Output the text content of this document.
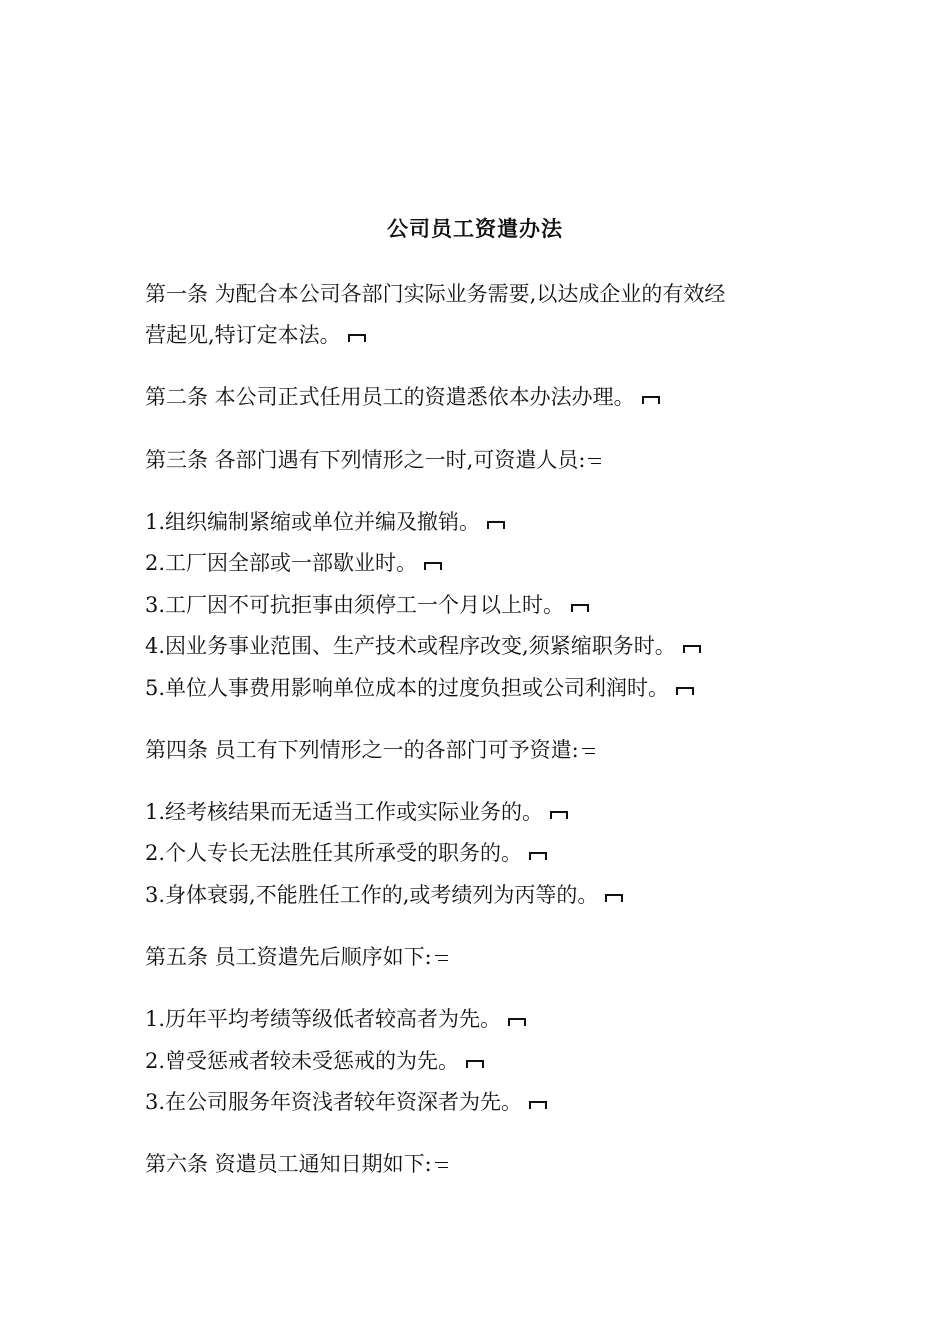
公司员工资遣办法
第一条 为配合本公司各部门实际业务需要,以达成企业的有效经
营起见,特订定本法。
第二条 本公司正式任用员工的资遣悉依本办法办理。
第三条 各部门遇有下列情形之一时,可资遣人员:
1.组织编制紧缩或单位并编及撤销。
2.工厂因全部或一部歇业时。
3.工厂因不可抗拒事由须停工一个月以上时。
4.因业务事业范围、生产技术或程序改变,须紧缩职务时。
5.单位人事费用影响单位成本的过度负担或公司利润时。
第四条 员工有下列情形之一的各部门可予资遣:
1.经考核结果而无适当工作或实际业务的。
2.个人专长无法胜任其所承受的职务的。
3.身体衰弱,不能胜任工作的,或考绩列为丙等的。
第五条 员工资遣先后顺序如下:
1.历年平均考绩等级低者较高者为先。
2.曾受惩戒者较未受惩戒的为先。
3.在公司服务年资浅者较年资深者为先。
第六条 资遣员工通知日期如下:
